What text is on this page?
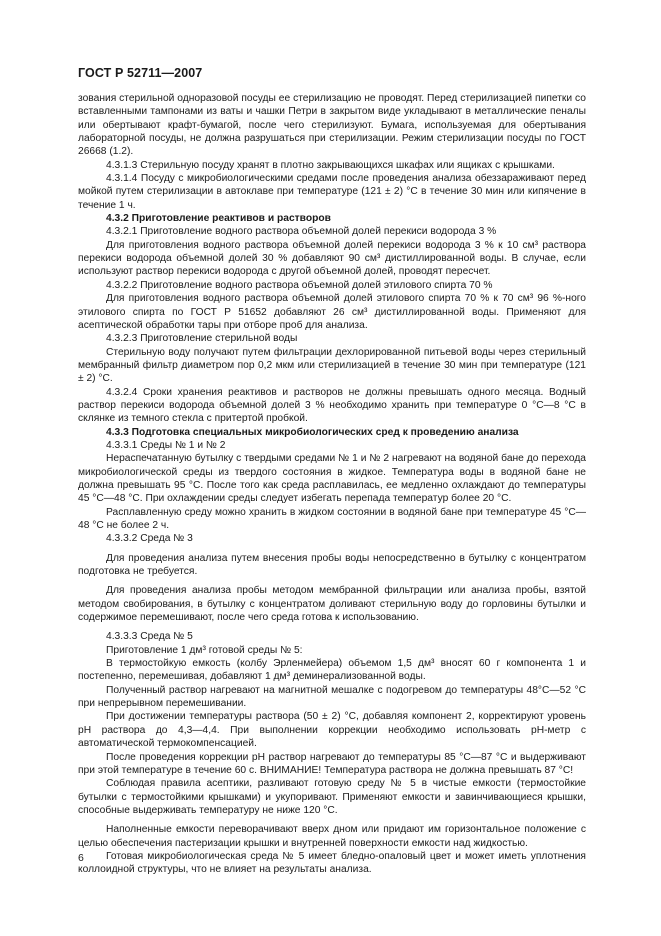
ГОСТ Р 52711—2007

зования стерильной одноразовой посуды ее стерилизацию не проводят. Перед стерилизацией пипетки со вставленными тампонами из ваты и чашки Петри в закрытом виде укладывают в металлические пеналы или обертывают крафт-бумагой, после чего стерилизуют. Бумага, используемая для обертывания лабораторной посуды, не должна разрушаться при стерилизации. Режим стерилизации посуды по ГОСТ 26668 (1.2).

4.3.1.3 Стерильную посуду хранят в плотно закрывающихся шкафах или ящиках с крышками.

4.3.1.4 Посуду с микробиологическими средами после проведения анализа обеззараживают перед мойкой путем стерилизации в автоклаве при температуре (121 ± 2) °С в течение 30 мин или кипячение в течение 1 ч.

4.3.2 Приготовление реактивов и растворов

4.3.2.1 Приготовление водного раствора объемной долей перекиси водорода 3 %

Для приготовления водного раствора объемной долей перекиси водорода 3 % к 10 см³ раствора перекиси водорода объемной долей 30 % добавляют 90 см³ дистиллированной воды. В случае, если используют раствор перекиси водорода с другой объемной долей, проводят пересчет.

4.3.2.2 Приготовление водного раствора объемной долей этилового спирта 70 %

Для приготовления водного раствора объемной долей этилового спирта 70 % к 70 см³ 96 %-ного этилового спирта по ГОСТ Р 51652 добавляют 26 см³ дистиллированной воды. Применяют для асептической обработки тары при отборе проб для анализа.

4.3.2.3 Приготовление стерильной воды

Стерильную воду получают путем фильтрации дехлорированной питьевой воды через стерильный мембранный фильтр диаметром пор 0,2 мкм или стерилизацией в течение 30 мин при температуре (121 ± 2) °С.

4.3.2.4 Сроки хранения реактивов и растворов не должны превышать одного месяца. Водный раствор перекиси водорода объемной долей 3 % необходимо хранить при температуре 0 °С—8 °С в склянке из темного стекла с притертой пробкой.

4.3.3 Подготовка специальных микробиологических сред к проведению анализа

4.3.3.1 Среды № 1 и № 2

Нераспечатанную бутылку с твердыми средами № 1 и № 2 нагревают на водяной бане до перехода микробиологической среды из твердого состояния в жидкое. Температура воды в водяной бане не должна превышать 95 °С. После того как среда расплавилась, ее медленно охлаждают до температуры 45 °С—48 °С. При охлаждении среды следует избегать перепада температур более 20 °С.

Расплавленную среду можно хранить в жидком состоянии в водяной бане при температуре 45 °С—48 °С не более 2 ч.

4.3.3.2 Среда № 3

Для проведения анализа путем внесения пробы воды непосредственно в бутылку с концентратом подготовка не требуется.

Для проведения анализа пробы методом мембранной фильтрации или анализа пробы, взятой методом свобирования, в бутылку с концентратом доливают стерильную воду до горловины бутылки и содержимое перемешивают, после чего среда готова к использованию.

4.3.3.3 Среда № 5

Приготовление 1 дм³ готовой среды № 5:

В термостойкую емкость (колбу Эрленмейера) объемом 1,5 дм³ вносят 60 г компонента 1 и постепенно, перемешивая, добавляют 1 дм³ деминерализованной воды.

Полученный раствор нагревают на магнитной мешалке с подогревом до температуры 48°С—52 °С при непрерывном перемешивании.

При достижении температуры раствора (50 ± 2) °С, добавляя компонент 2, корректируют уровень рН раствора до 4,3—4,4. При выполнении коррекции необходимо использовать рН-метр с автоматической термокомпенсацией.

После проведения коррекции рН раствор нагревают до температуры 85 °С—87 °С и выдерживают при этой температуре в течение 60 с. ВНИМАНИЕ! Температура раствора не должна превышать 87 °С!

Соблюдая правила асептики, разливают готовую среду № 5 в чистые емкости (термостойкие бутылки с термостойкими крышками) и укупоривают. Применяют емкости и завинчивающиеся крышки, способные выдерживать температуру не ниже 120 °С.

Наполненные емкости переворачивают вверх дном или придают им горизонтальное положение с целью обеспечения пастеризации крышки и внутренней поверхности емкости над жидкостью.

Готовая микробиологическая среда № 5 имеет бледно-опаловый цвет и может иметь уплотнения коллоидной структуры, что не влияет на результаты анализа.

6
